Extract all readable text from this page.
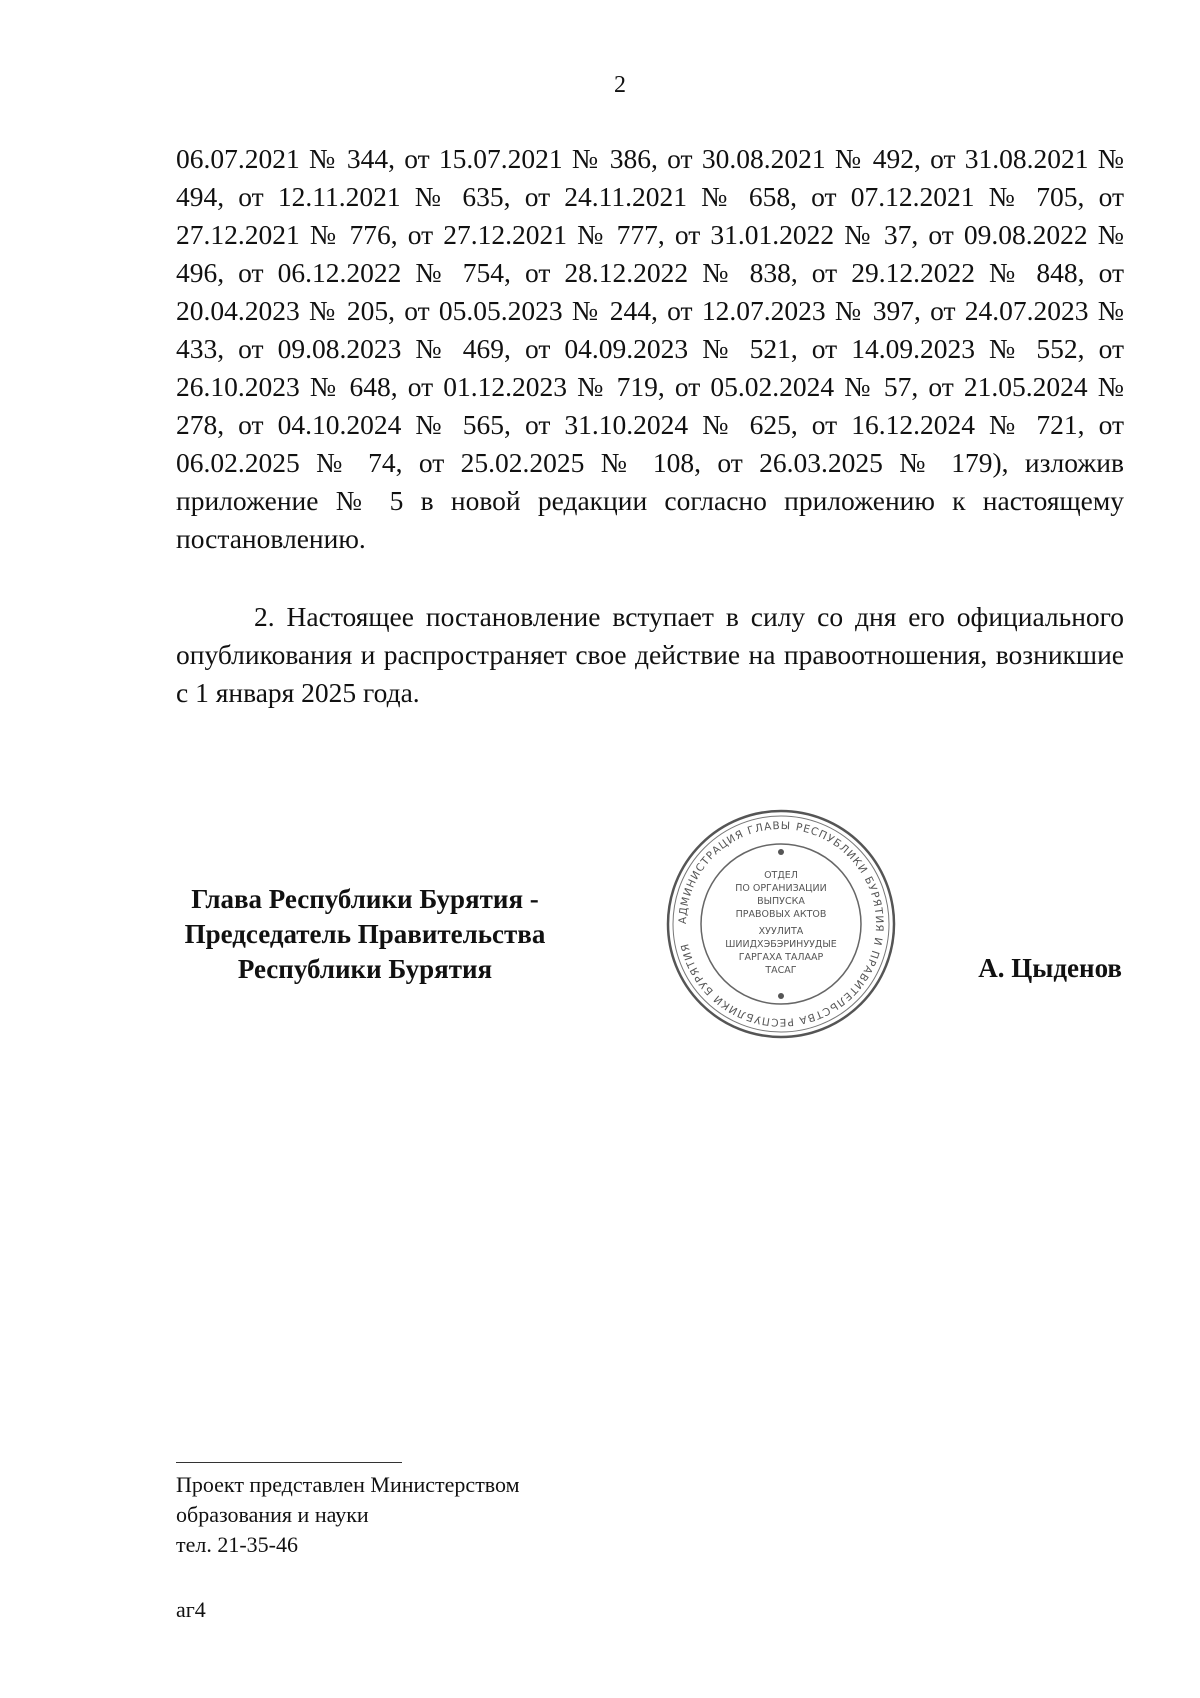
2

06.07.2021 № 344, от 15.07.2021 № 386, от 30.08.2021 № 492, от 31.08.2021 № 494, от 12.11.2021 № 635, от 24.11.2021 № 658, от 07.12.2021 № 705, от 27.12.2021 № 776, от 27.12.2021 № 777, от 31.01.2022 № 37, от 09.08.2022 № 496, от 06.12.2022 № 754, от 28.12.2022 № 838, от 29.12.2022 № 848, от 20.04.2023 № 205, от 05.05.2023 № 244, от 12.07.2023 № 397, от 24.07.2023 № 433, от 09.08.2023 № 469, от 04.09.2023 № 521, от 14.09.2023 № 552, от 26.10.2023 № 648, от 01.12.2023 № 719, от 05.02.2024 № 57, от 21.05.2024 № 278, от 04.10.2024 № 565, от 31.10.2024 № 625, от 16.12.2024 № 721, от 06.02.2025 № 74, от 25.02.2025 № 108, от 26.03.2025 № 179), изложив приложение № 5 в новой редакции согласно приложению к настоящему постановлению.

2. Настоящее постановление вступает в силу со дня его официального опубликования и распространяет свое действие на правоотношения, возникшие с 1 января 2025 года.
Глава Республики Бурятия -
Председатель Правительства
Республики Бурятия
АДМИНИСТРАЦИЯ ГЛАВЫ РЕСПУБЛИКИ БУРЯТИЯ И ПРАВИТЕЛЬСТВА РЕСПУБЛИКИ БУРЯТИЯ
ОТДЕЛ
ПО ОРГАНИЗАЦИИ
ВЫПУСКА
ПРАВОВЫХ АКТОВ
ХУУЛИТА
ШИИДХЭБЭРИНУУДЫЕ
ГАРГАХА ТАЛААР
ТАСАГ	А. Цыденов
Проект представлен Министерством
образования и науки
тел. 21-35-46
аг4
